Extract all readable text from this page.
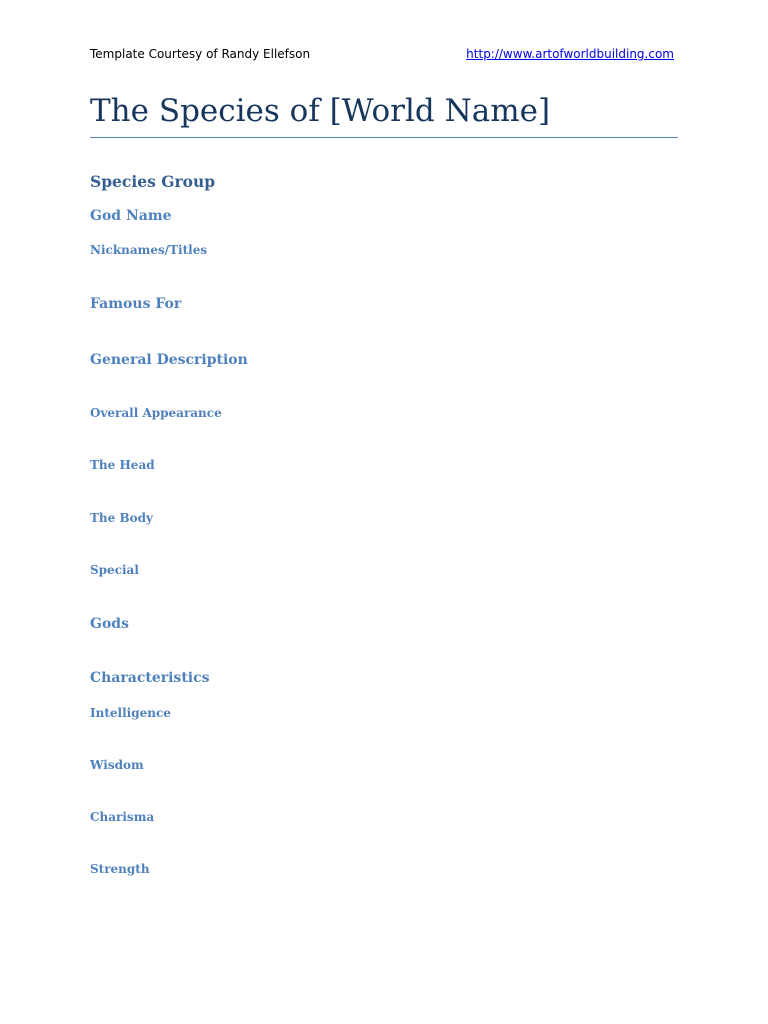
Template Courtesy of Randy Ellefson	http://www.artofworldbuilding.com
The Species of [World Name]
Species Group
God Name
Nicknames/Titles
Famous For
General Description
Overall Appearance
The Head
The Body
Special
Gods
Characteristics
Intelligence
Wisdom
Charisma
Strength
